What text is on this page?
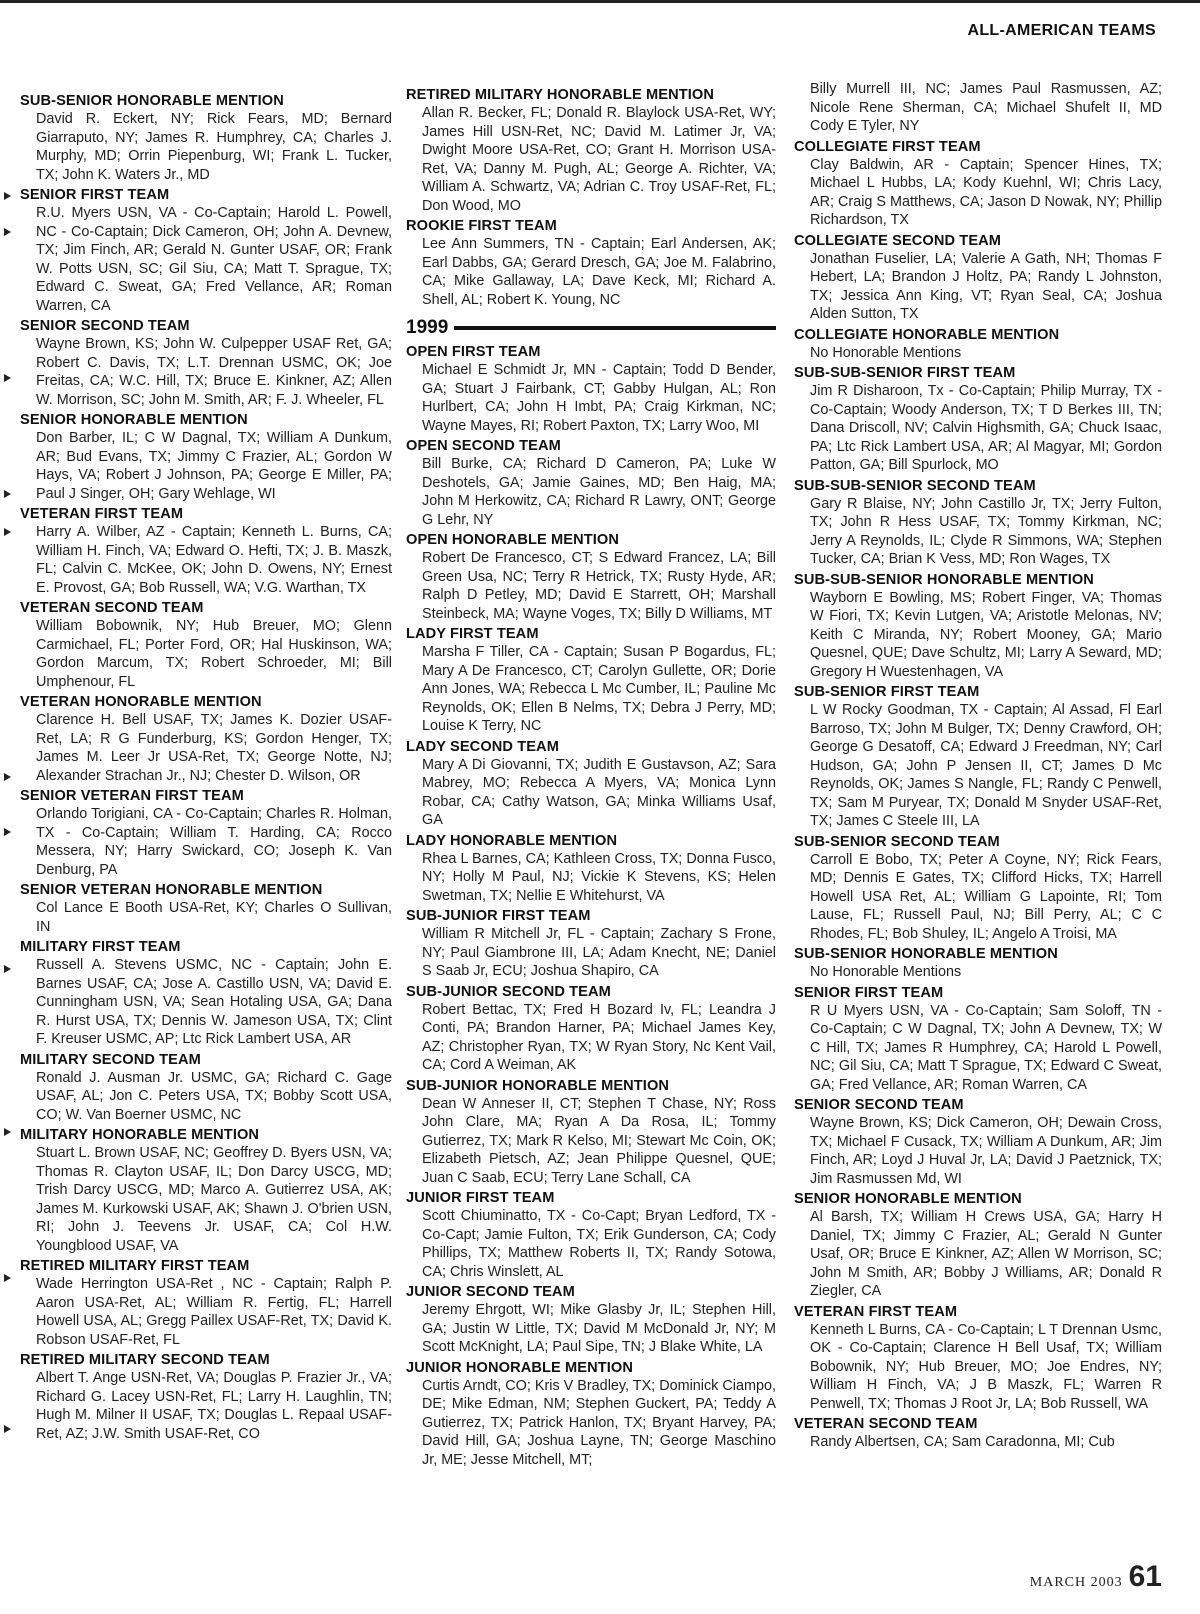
ALL-AMERICAN TEAMS
SUB-SENIOR HONORABLE MENTION
David R. Eckert, NY; Rick Fears, MD; Bernard Giarraputo, NY; James R. Humphrey, CA; Charles J. Murphy, MD; Orrin Piepenburg, WI; Frank L. Tucker, TX; John K. Waters Jr., MD
SENIOR FIRST TEAM
R.U. Myers USN, VA - Co-Captain; Harold L. Powell, NC - Co-Captain; Dick Cameron, OH; John A. Devnew, TX; Jim Finch, AR; Gerald N. Gunter USAF, OR; Frank W. Potts USN, SC; Gil Siu, CA; Matt T. Sprague, TX; Edward C. Sweat, GA; Fred Vellance, AR; Roman Warren, CA
SENIOR SECOND TEAM
Wayne Brown, KS; John W. Culpepper USAF Ret, GA; Robert C. Davis, TX; L.T. Drennan USMC, OK; Joe Freitas, CA; W.C. Hill, TX; Bruce E. Kinkner, AZ; Allen W. Morrison, SC; John M. Smith, AR; F. J. Wheeler, FL
SENIOR HONORABLE MENTION
Don Barber, IL; C W Dagnal, TX; William A Dunkum, AR; Bud Evans, TX; Jimmy C Frazier, AL; Gordon W Hays, VA; Robert J Johnson, PA; George E Miller, PA; Paul J Singer, OH; Gary Wehlage, WI
VETERAN FIRST TEAM
Harry A. Wilber, AZ - Captain; Kenneth L. Burns, CA; William H. Finch, VA; Edward O. Hefti, TX; J. B. Maszk, FL; Calvin C. McKee, OK; John D. Owens, NY; Ernest E. Provost, GA; Bob Russell, WA; V.G. Warthan, TX
VETERAN SECOND TEAM
William Bobownik, NY; Hub Breuer, MO; Glenn Carmichael, FL; Porter Ford, OR; Hal Huskinson, WA; Gordon Marcum, TX; Robert Schroeder, MI; Bill Umphenour, FL
VETERAN HONORABLE MENTION
Clarence H. Bell USAF, TX; James K. Dozier USAF-Ret, LA; R G Funderburg, KS; Gordon Henger, TX; James M. Leer Jr USA-Ret, TX; George Notte, NJ; Alexander Strachan Jr., NJ; Chester D. Wilson, OR
SENIOR VETERAN FIRST TEAM
Orlando Torigiani, CA - Co-Captain; Charles R. Holman, TX - Co-Captain; William T. Harding, CA; Rocco Messera, NY; Harry Swickard, CO; Joseph K. Van Denburg, PA
SENIOR VETERAN HONORABLE MENTION
Col Lance E Booth USA-Ret, KY; Charles O Sullivan, IN
MILITARY FIRST TEAM
Russell A. Stevens USMC, NC - Captain; John E. Barnes USAF, CA; Jose A. Castillo USN, VA; David E. Cunningham USN, VA; Sean Hotaling USA, GA; Dana R. Hurst USA, TX; Dennis W. Jameson USA, TX; Clint F. Kreuser USMC, AP; Ltc Rick Lambert USA, AR
MILITARY SECOND TEAM
Ronald J. Ausman Jr. USMC, GA; Richard C. Gage USAF, AL; Jon C. Peters USA, TX; Bobby Scott USA, CO; W. Van Boerner USMC, NC
MILITARY HONORABLE MENTION
Stuart L. Brown USAF, NC; Geoffrey D. Byers USN, VA; Thomas R. Clayton USAF, IL; Don Darcy USCG, MD; Trish Darcy USCG, MD; Marco A. Gutierrez USA, AK; James M. Kurkowski USAF, AK; Shawn J. O'brien USN, RI; John J. Teevens Jr. USAF, CA; Col H.W. Youngblood USAF, VA
RETIRED MILITARY FIRST TEAM
Wade Herrington USA-Ret , NC - Captain; Ralph P. Aaron USA-Ret, AL; William R. Fertig, FL; Harrell Howell USA, AL; Gregg Paillex USAF-Ret, TX; David K. Robson USAF-Ret, FL
RETIRED MILITARY SECOND TEAM
Albert T. Ange USN-Ret, VA; Douglas P. Frazier Jr., VA; Richard G. Lacey USN-Ret, FL; Larry H. Laughlin, TN; Hugh M. Milner II USAF, TX; Douglas L. Repaal USAF- Ret, AZ; J.W. Smith USAF-Ret, CO
RETIRED MILITARY HONORABLE MENTION
Allan R. Becker, FL; Donald R. Blaylock USA-Ret, WY; James Hill USN-Ret, NC; David M. Latimer Jr, VA; Dwight Moore USA-Ret, CO; Grant H. Morrison USA-Ret, VA; Danny M. Pugh, AL; George A. Richter, VA; William A. Schwartz, VA; Adrian C. Troy USAF-Ret, FL; Don Wood, MO
ROOKIE FIRST TEAM
Lee Ann Summers, TN - Captain; Earl Andersen, AK; Earl Dabbs, GA; Gerard Dresch, GA; Joe M. Falabrino, CA; Mike Gallaway, LA; Dave Keck, MI; Richard A. Shell, AL; Robert K. Young, NC
1999
OPEN FIRST TEAM
Michael E Schmidt Jr, MN - Captain; Todd D Bender, GA; Stuart J Fairbank, CT; Gabby Hulgan, AL; Ron Hurlbert, CA; John H Imbt, PA; Craig Kirkman, NC; Wayne Mayes, RI; Robert Paxton, TX; Larry Woo, MI
OPEN SECOND TEAM
Bill Burke, CA; Richard D Cameron, PA; Luke W Deshotels, GA; Jamie Gaines, MD; Ben Haig, MA; John M Herkowitz, CA; Richard R Lawry, ONT; George G Lehr, NY
OPEN HONORABLE MENTION
Robert De Francesco, CT; S Edward Francez, LA; Bill Green Usa, NC; Terry R Hetrick, TX; Rusty Hyde, AR; Ralph D Petley, MD; David E Starrett, OH; Marshall Steinbeck, MA; Wayne Voges, TX; Billy D Williams, MT
LADY FIRST TEAM
Marsha F Tiller, CA - Captain; Susan P Bogardus, FL; Mary A De Francesco, CT; Carolyn Gullette, OR; Dorie Ann Jones, WA; Rebecca L Mc Cumber, IL; Pauline Mc Reynolds, OK; Ellen B Nelms, TX; Debra J Perry, MD; Louise K Terry, NC
LADY SECOND TEAM
Mary A Di Giovanni, TX; Judith E Gustavson, AZ; Sara Mabrey, MO; Rebecca A Myers, VA; Monica Lynn Robar, CA; Cathy Watson, GA; Minka Williams Usaf, GA
LADY HONORABLE MENTION
Rhea L Barnes, CA; Kathleen Cross, TX; Donna Fusco, NY; Holly M Paul, NJ; Vickie K Stevens, KS; Helen Swetman, TX; Nellie E Whitehurst, VA
SUB-JUNIOR FIRST TEAM
William R Mitchell Jr, FL - Captain; Zachary S Frone, NY; Paul Giambrone III, LA; Adam Knecht, NE; Daniel S Saab Jr, ECU; Joshua Shapiro, CA
SUB-JUNIOR SECOND TEAM
Robert Bettac, TX; Fred H Bozard Iv, FL; Leandra J Conti, PA; Brandon Harner, PA; Michael James Key, AZ; Christopher Ryan, TX; W Ryan Story, Nc Kent Vail, CA; Cord A Weiman, AK
SUB-JUNIOR HONORABLE MENTION
Dean W Anneser II, CT; Stephen T Chase, NY; Ross John Clare, MA; Ryan A Da Rosa, IL; Tommy Gutierrez, TX; Mark R Kelso, MI; Stewart Mc Coin, OK; Elizabeth Pietsch, AZ; Jean Philippe Quesnel, QUE; Juan C Saab, ECU; Terry Lane Schall, CA
JUNIOR FIRST TEAM
Scott Chiuminatto, TX - Co-Capt; Bryan Ledford, TX - Co-Capt; Jamie Fulton, TX; Erik Gunderson, CA; Cody Phillips, TX; Matthew Roberts II, TX; Randy Sotowa, CA; Chris Winslett, AL
JUNIOR SECOND TEAM
Jeremy Ehrgott, WI; Mike Glasby Jr, IL; Stephen Hill, GA; Justin W Little, TX; David M McDonald Jr, NY; M Scott McKnight, LA; Paul Sipe, TN; J Blake White, LA
JUNIOR HONORABLE MENTION
Curtis Arndt, CO; Kris V Bradley, TX; Dominick Ciampo, DE; Mike Edman, NM; Stephen Guckert, PA; Teddy A Gutierrez, TX; Patrick Hanlon, TX; Bryant Harvey, PA; David Hill, GA; Joshua Layne, TN; George Maschino Jr, ME; Jesse Mitchell, MT;
Billy Murrell III, NC; James Paul Rasmussen, AZ; Nicole Rene Sherman, CA; Michael Shufelt II, MD Cody E Tyler, NY
COLLEGIATE FIRST TEAM
Clay Baldwin, AR - Captain; Spencer Hines, TX; Michael L Hubbs, LA; Kody Kuehnl, WI; Chris Lacy, AR; Craig S Matthews, CA; Jason D Nowak, NY; Phillip Richardson, TX
COLLEGIATE SECOND TEAM
Jonathan Fuselier, LA; Valerie A Gath, NH; Thomas F Hebert, LA; Brandon J Holtz, PA; Randy L Johnston, TX; Jessica Ann King, VT; Ryan Seal, CA; Joshua Alden Sutton, TX
COLLEGIATE HONORABLE MENTION
No Honorable Mentions
SUB-SUB-SENIOR FIRST TEAM
Jim R Disharoon, Tx - Co-Captain; Philip Murray, TX - Co-Captain; Woody Anderson, TX; T D Berkes III, TN; Dana Driscoll, NV; Calvin Highsmith, GA; Chuck Isaac, PA; Ltc Rick Lambert USA, AR; Al Magyar, MI; Gordon Patton, GA; Bill Spurlock, MO
SUB-SUB-SENIOR SECOND TEAM
Gary R Blaise, NY; John Castillo Jr, TX; Jerry Fulton, TX; John R Hess USAF, TX; Tommy Kirkman, NC; Jerry A Reynolds, IL; Clyde R Simmons, WA; Stephen Tucker, CA; Brian K Vess, MD; Ron Wages, TX
SUB-SUB-SENIOR HONORABLE MENTION
Wayborn E Bowling, MS; Robert Finger, VA; Thomas W Fiori, TX; Kevin Lutgen, VA; Aristotle Melonas, NV; Keith C Miranda, NY; Robert Mooney, GA; Mario Quesnel, QUE; Dave Schultz, MI; Larry A Seward, MD; Gregory H Wuestenhagen, VA
SUB-SENIOR FIRST TEAM
L W Rocky Goodman, TX - Captain; Al Assad, Fl Earl Barroso, TX; John M Bulger, TX; Denny Crawford, OH; George G Desatoff, CA; Edward J Freedman, NY; Carl Hudson, GA; John P Jensen II, CT; James D Mc Reynolds, OK; James S Nangle, FL; Randy C Penwell, TX; Sam M Puryear, TX; Donald M Snyder USAF-Ret, TX; James C Steele III, LA
SUB-SENIOR SECOND TEAM
Carroll E Bobo, TX; Peter A Coyne, NY; Rick Fears, MD; Dennis E Gates, TX; Clifford Hicks, TX; Harrell Howell USA Ret, AL; William G Lapointe, RI; Tom Lause, FL; Russell Paul, NJ; Bill Perry, AL; C C Rhodes, FL; Bob Shuley, IL; Angelo A Troisi, MA
SUB-SENIOR HONORABLE MENTION
No Honorable Mentions
SENIOR FIRST TEAM
R U Myers USN, VA - Co-Captain; Sam Soloff, TN - Co-Captain; C W Dagnal, TX; John A Devnew, TX; W C Hill, TX; James R Humphrey, CA; Harold L Powell, NC; Gil Siu, CA; Matt T Sprague, TX; Edward C Sweat, GA; Fred Vellance, AR; Roman Warren, CA
SENIOR SECOND TEAM
Wayne Brown, KS; Dick Cameron, OH; Dewain Cross, TX; Michael F Cusack, TX; William A Dunkum, AR; Jim Finch, AR; Loyd J Huval Jr, LA; David J Paetznick, TX; Jim Rasmussen Md, WI
SENIOR HONORABLE MENTION
Al Barsh, TX; William H Crews USA, GA; Harry H Daniel, TX; Jimmy C Frazier, AL; Gerald N Gunter Usaf, OR; Bruce E Kinkner, AZ; Allen W Morrison, SC; John M Smith, AR; Bobby J Williams, AR; Donald R Ziegler, CA
VETERAN FIRST TEAM
Kenneth L Burns, CA - Co-Captain; L T Drennan Usmc, OK - Co-Captain; Clarence H Bell Usaf, TX; William Bobownik, NY; Hub Breuer, MO; Joe Endres, NY; William H Finch, VA; J B Maszk, FL; Warren R Penwell, TX; Thomas J Root Jr, LA; Bob Russell, WA
VETERAN SECOND TEAM
Randy Albertsen, CA; Sam Caradonna, MI; Cub
MARCH 2003 61
